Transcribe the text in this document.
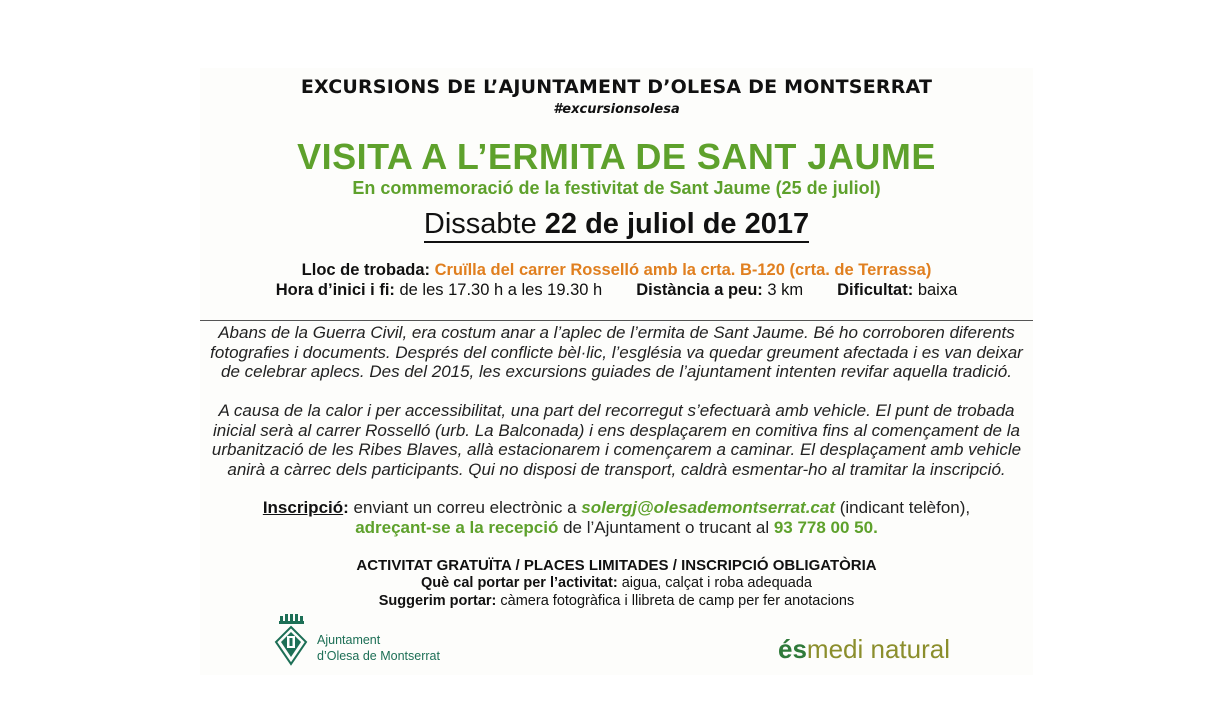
EXCURSIONS DE L’AJUNTAMENT D’OLESA DE MONTSERRAT
#excursionsolesa
VISITA A L’ERMITA DE SANT JAUME
En commemoració de la festivitat de Sant Jaume (25 de juliol)
Dissabte 22 de juliol de 2017
Lloc de trobada: Cruïlla del carrer Rosselló amb la crta. B-120 (crta. de Terrassa)
Hora d’inici i fi: de les 17.30 h a les 19.30 h Distància a peu: 3 km Dificultat: baixa
Abans de la Guerra Civil, era costum anar a l’aplec de l’ermita de Sant Jaume. Bé ho corroboren diferents fotografies i documents. Després del conflicte bèl·lic, l’església va quedar greument afectada i es van deixar de celebrar aplecs. Des del 2015, les excursions guiades de l’ajuntament intenten revifar aquella tradició.
A causa de la calor i per accessibilitat, una part del recorregut s’efectuarà amb vehicle. El punt de trobada inicial serà al carrer Rosselló (urb. La Balconada) i ens desplaçarem en comitiva fins al començament de la urbanització de les Ribes Blaves, allà estacionarem i començarem a caminar. El desplaçament amb vehicle anirà a càrrec dels participants. Qui no disposi de transport, caldrà esmentar-ho al tramitar la inscripció.
Inscripció: enviant un correu electrònic a solergj@olesademontserrat.cat (indicant telèfon),
adreçant-se a la recepció de l’Ajuntament o trucant al 93 778 00 50.
ACTIVITAT GRATUÏTA / PLACES LIMITADES / INSCRIPCIÓ OBLIGATÒRIA
Què cal portar per l’activitat: aigua, calçat i roba adequada
Suggerim portar: càmera fotogràfica i llibreta de camp per fer anotacions
Ajuntament
d’Olesa de Montserrat	ésmedi natural
